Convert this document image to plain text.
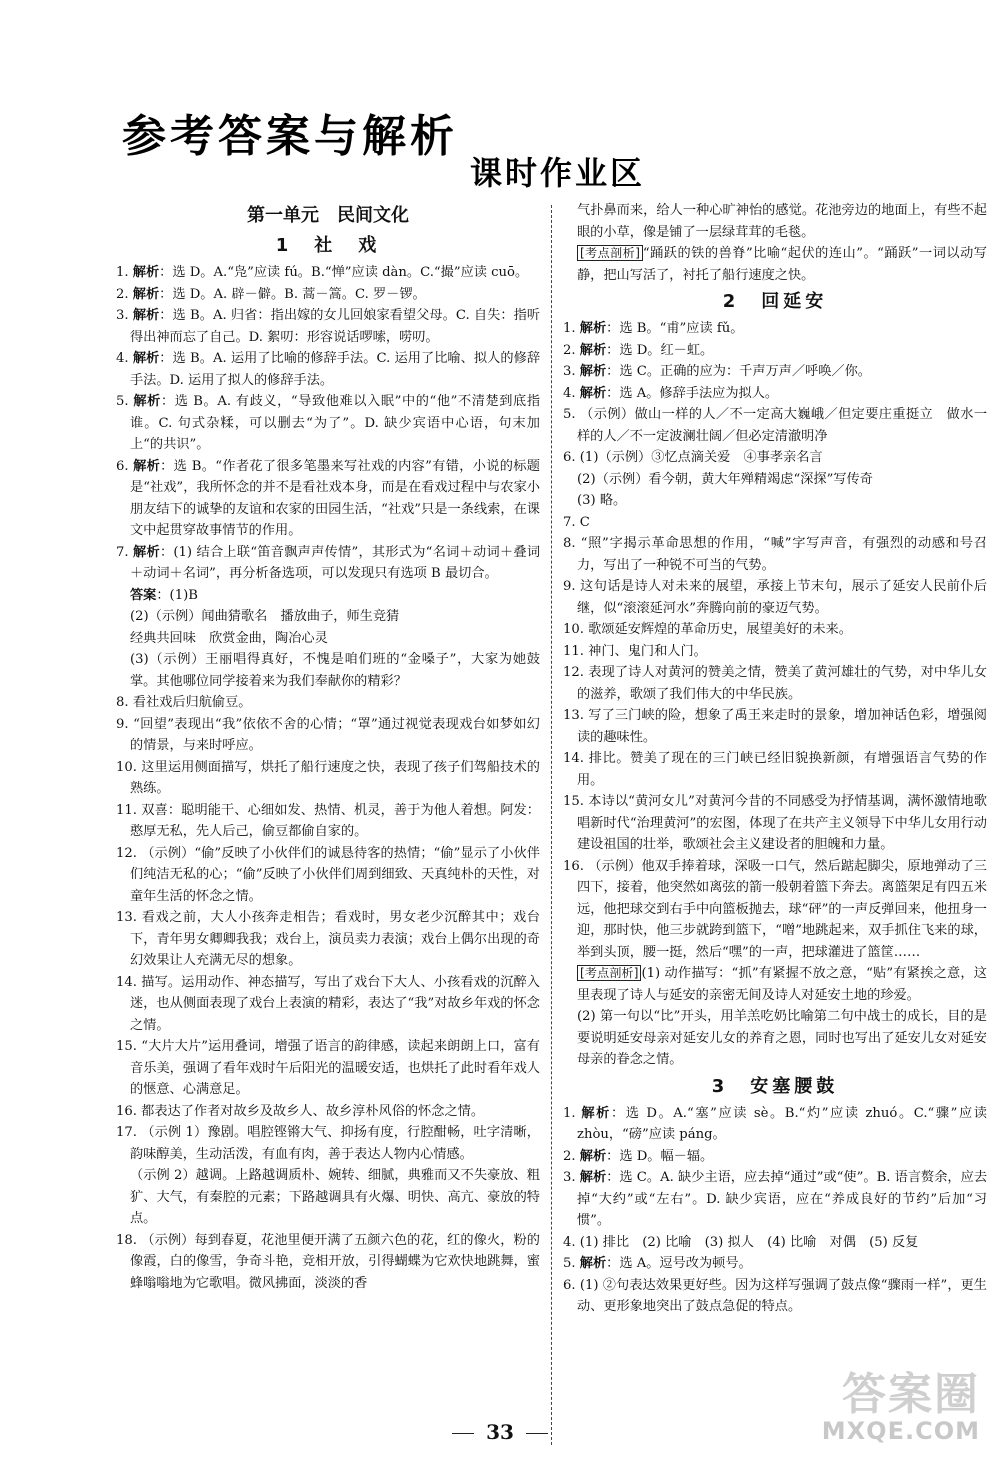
参考答案与解析
课时作业区
第一单元　民间文化
1　社　戏

1. 解析：选 D。A.“凫”应读 fú。B.“惮”应读 dàn。C.“撮”应读 cuō。

2. 解析：选 D。A. 辟－僻。B. 蒿－篙。C. 罗－锣。

3. 解析：选 B。A. 归省：指出嫁的女儿回娘家看望父母。C. 自失：指听得出神而忘了自己。D. 絮叨：形容说话啰嗦，唠叨。

4. 解析：选 B。A. 运用了比喻的修辞手法。C. 运用了比喻、拟人的修辞手法。D. 运用了拟人的修辞手法。

5. 解析：选 B。A. 有歧义，“导致他难以入眠”中的“他”不清楚到底指谁。C. 句式杂糅，可以删去“为了”。D. 缺少宾语中心语，句末加上“的共识”。

6. 解析：选 B。“作者花了很多笔墨来写社戏的内容”有错，小说的标题是“社戏”，我所怀念的并不是看社戏本身，而是在看戏过程中与农家小朋友结下的诚挚的友谊和农家的田园生活，“社戏”只是一条线索，在课文中起贯穿故事情节的作用。

7. 解析：(1) 结合上联“笛音飘声声传情”，其形式为“名词＋动词＋叠词＋动词＋名词”，再分析备选项，可以发现只有选项 B 最切合。

答案：(1)B

(2)（示例）闻曲猜歌名　播放曲子，师生竞猜

经典共回味　欣赏金曲，陶冶心灵

(3)（示例）王丽唱得真好，不愧是咱们班的“金嗓子”，大家为她鼓掌。其他哪位同学接着来为我们奉献你的精彩？

8. 看社戏后归航偷豆。

9. “回望”表现出“我”依依不舍的心情；“罩”通过视觉表现戏台如梦如幻的情景，与来时呼应。

10. 这里运用侧面描写，烘托了船行速度之快，表现了孩子们驾船技术的熟练。

11. 双喜：聪明能干、心细如发、热情、机灵，善于为他人着想。阿发：憨厚无私，先人后己，偷豆都偷自家的。

12. （示例）“偷”反映了小伙伴们的诚恳待客的热情；“偷”显示了小伙伴们纯洁无私的心；“偷”反映了小伙伴们周到细致、天真纯朴的天性，对童年生活的怀念之情。

13. 看戏之前，大人小孩奔走相告；看戏时，男女老少沉醉其中；戏台下，青年男女卿卿我我；戏台上，演员卖力表演；戏台上偶尔出现的奇幻效果让人充满无尽的想象。

14. 描写。运用动作、神态描写，写出了戏台下大人、小孩看戏的沉醉入迷，也从侧面表现了戏台上表演的精彩，表达了“我”对故乡年戏的怀念之情。

15. “大片大片”运用叠词，增强了语言的韵律感，读起来朗朗上口，富有音乐美，强调了看年戏时午后阳光的温暖安适，也烘托了此时看年戏人的惬意、心满意足。

16. 都表达了作者对故乡及故乡人、故乡淳朴风俗的怀念之情。

17. （示例 1）豫剧。唱腔铿锵大气、抑扬有度，行腔酣畅，吐字清晰，韵味醇美，生动活泼，有血有肉，善于表达人物内心情感。

（示例 2）越调。上路越调质朴、婉转、细腻，典雅而又不失豪放、粗犷、大气，有秦腔的元素；下路越调具有火爆、明快、高亢、豪放的特点。

18. （示例）每到春夏，花池里便开满了五颜六色的花，红的像火，粉的像霞，白的像雪，争奇斗艳，竞相开放，引得蝴蝶为它欢快地跳舞，蜜蜂嗡嗡地为它歌唱。微风拂面，淡淡的香

气扑鼻而来，给人一种心旷神怡的感觉。花池旁边的地面上，有些不起眼的小草，像是铺了一层绿茸茸的毛毯。

[考点剖析] “踊跃的铁的兽脊”比喻“起伏的连山”。“踊跃”一词以动写静，把山写活了，衬托了船行速度之快。

2　回延安

1. 解析：选 B。“甫”应读 fǔ。

2. 解析：选 D。红－虹。

3. 解析：选 C。正确的应为：千声万声／呼唤／你。

4. 解析：选 A。修辞手法应为拟人。

5. （示例）做山一样的人／不一定高大巍峨／但定要庄重挺立　做水一样的人／不一定波澜壮阔／但必定清澈明净

6. (1)（示例）③忆点滴关爱　④事孝亲名言

(2)（示例）看今朝，黄大年殚精竭虑“深探”写传奇

(3) 略。

7. C

8. “照”字揭示革命思想的作用，“喊”字写声音，有强烈的动感和号召力，写出了一种锐不可当的气势。

9. 这句话是诗人对未来的展望，承接上节末句，展示了延安人民前仆后继，似“滚滚延河水”奔腾向前的豪迈气势。

10. 歌颂延安辉煌的革命历史，展望美好的未来。

11. 神门、鬼门和人门。

12. 表现了诗人对黄河的赞美之情，赞美了黄河雄壮的气势，对中华儿女的滋养，歌颂了我们伟大的中华民族。

13. 写了三门峡的险，想象了禹王来走时的景象，增加神话色彩，增强阅读的趣味性。

14. 排比。赞美了现在的三门峡已经旧貌换新颜，有增强语言气势的作用。

15. 本诗以“黄河女儿”对黄河今昔的不同感受为抒情基调，满怀激情地歌唱新时代“治理黄河”的宏图，体现了在共产主义领导下中华儿女用行动建设祖国的壮举，歌颂社会主义建设者的胆魄和力量。

16. （示例）他双手捧着球，深吸一口气，然后踮起脚尖，原地弹动了三四下，接着，他突然如离弦的箭一般朝着篮下奔去。离篮架足有四五米远，他把球交到右手中向篮板抛去，球“砰”的一声反弹回来，他扭身一迎，那时快，他三步就跨到篮下，“噌”地跳起来，双手抓住飞来的球，举到头顶，腰一挺，然后“嘿”的一声，把球灌进了篮筐……

[考点剖析] (1) 动作描写：“抓”有紧握不放之意，“贴”有紧挨之意，这里表现了诗人与延安的亲密无间及诗人对延安土地的珍爱。

(2) 第一句以“比”开头，用羊羔吃奶比喻第二句中战士的成长，目的是要说明延安母亲对延安儿女的养育之恩，同时也写出了延安儿女对延安母亲的眷念之情。

3　安塞腰鼓

1. 解析：选 D。A.“塞”应读 sè。B.“灼”应读 zhuó。C.“骤”应读 zhòu，“磅”应读 páng。

2. 解析：选 D。幅－辐。

3. 解析：选 C。A. 缺少主语，应去掉“通过”或“使”。B. 语言赘余，应去掉“大约”或“左右”。D. 缺少宾语，应在“养成良好的节约”后加“习惯”。

4. (1) 排比　(2) 比喻　(3) 拟人　(4) 比喻　对偶　(5) 反复

5. 解析：选 A。逗号改为顿号。

6. (1) ②句表达效果更好些。因为这样写强调了鼓点像“骤雨一样”，更生动、更形象地突出了鼓点急促的特点。

33
答案圈
MXQE.COM
